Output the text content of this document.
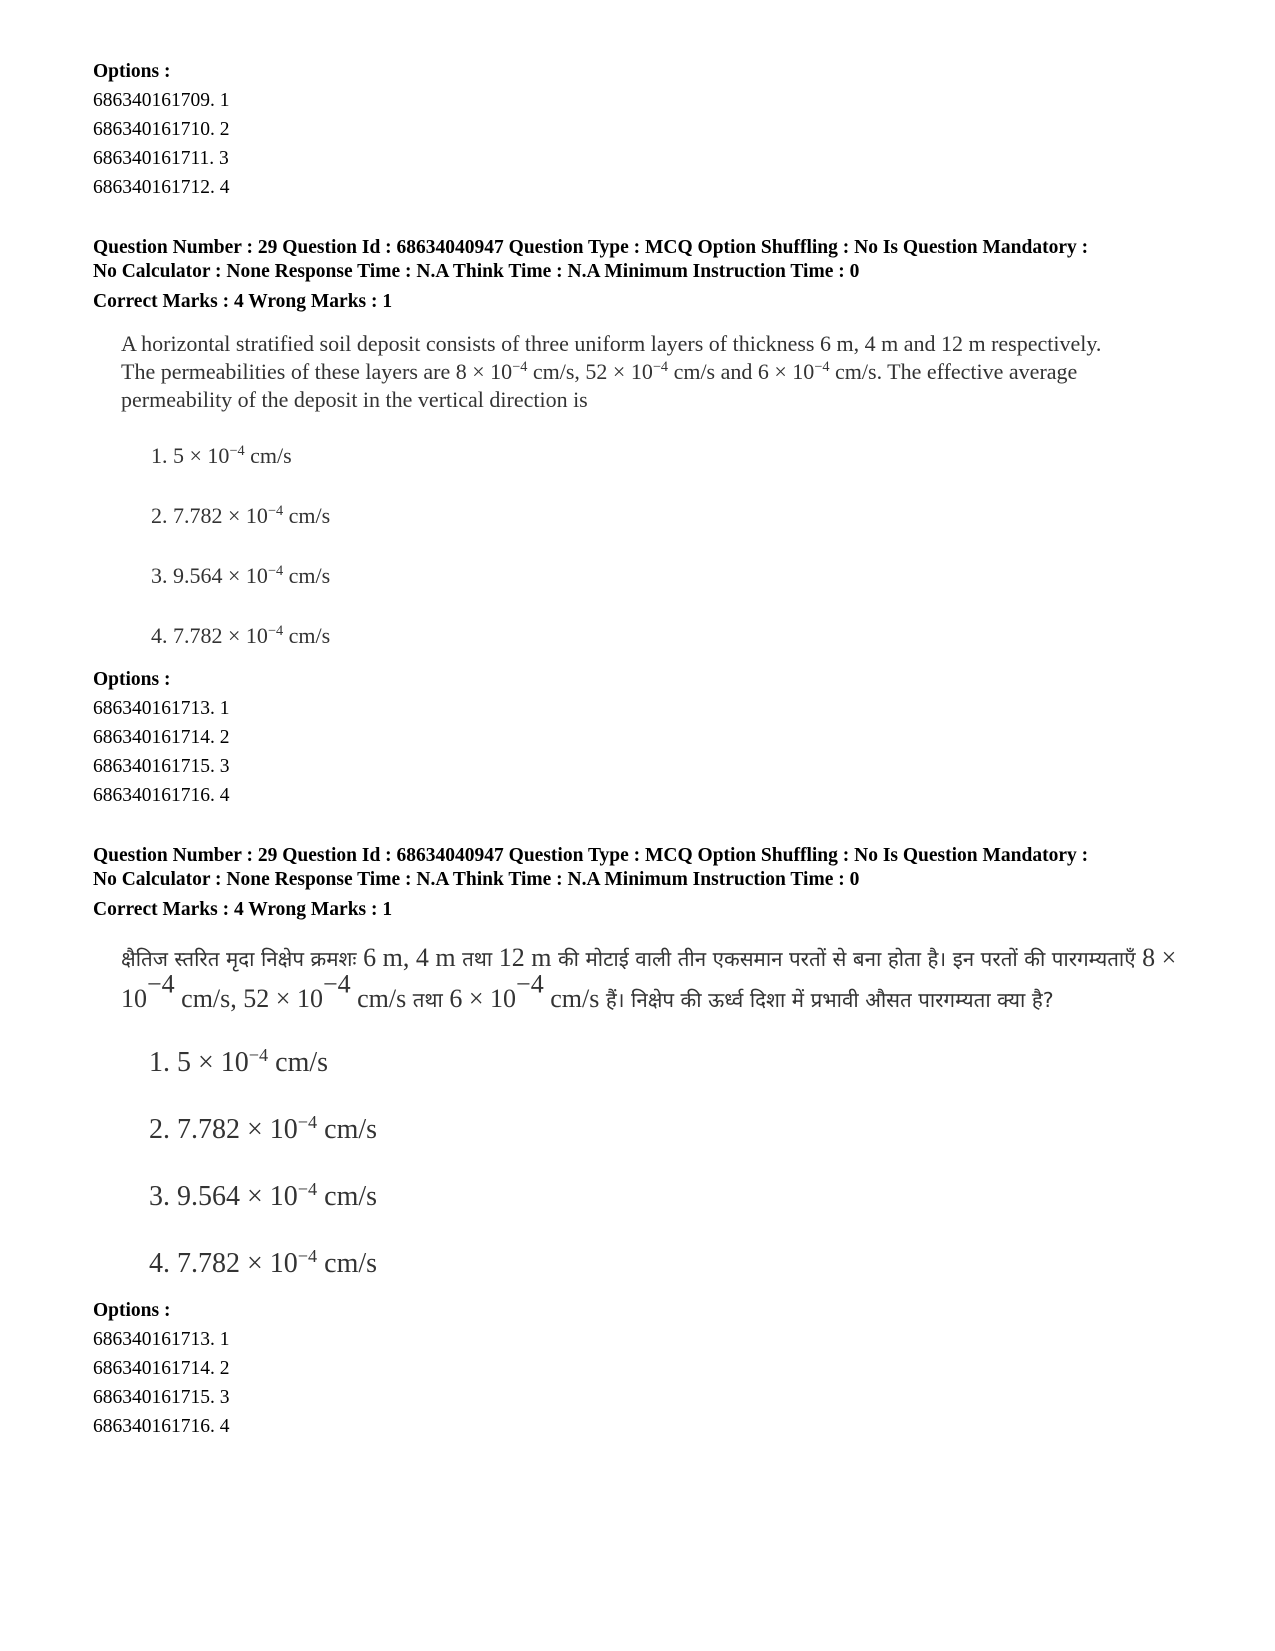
Options :
686340161709. 1
686340161710. 2
686340161711. 3
686340161712. 4

Question Number : 29 Question Id : 68634040947 Question Type : MCQ Option Shuffling : No Is Question Mandatory :

No Calculator : None Response Time : N.A Think Time : N.A Minimum Instruction Time : 0

Correct Marks : 4 Wrong Marks : 1

A horizontal stratified soil deposit consists of three uniform layers of thickness 6 m, 4 m and 12 m respectively.

The permeabilities of these layers are $8 \times 10^{-4}$ cm/s, $52 \times 10^{-4}$ cm/s and $6 \times 10^{-4}$ cm/s. The effective average permeability of the deposit in the vertical direction is

1. $5 \times 10^{-4}$ cm/s
2. $7.782 \times 10^{-4}$ cm/s
3. $9.564 \times 10^{-4}$ cm/s
4. $7.782 \times 10^{-4}$ cm/s
Options :
686340161713. 1
686340161714. 2
686340161715. 3
686340161716. 4

Question Number : 29 Question Id : 68634040947 Question Type : MCQ Option Shuffling : No Is Question Mandatory :

No Calculator : None Response Time : N.A Think Time : N.A Minimum Instruction Time : 0

Correct Marks : 4 Wrong Marks : 1
क्षैतिज स्तरित मृदा निक्षेप क्रमशः 6 m, 4 m तथा 12 m की मोटाई वाली तीन एकसमान परतों से बना होता है। इन परतों की पारगम्यताएँ $8 \times 10^{-4}$ cm/s, $52 \times 10^{-4}$ cm/s तथा $6 \times 10^{-4}$ cm/s हैं। निक्षेप की ऊर्ध्व दिशा में प्रभावी औसत पारगम्यता क्या है?
1. $5 \times 10^{-4}$ cm/s
2. $7.782 \times 10^{-4}$ cm/s
3. $9.564 \times 10^{-4}$ cm/s
4. $7.782 \times 10^{-4}$ cm/s
Options :
686340161713. 1
686340161714. 2
686340161715. 3
686340161716. 4
